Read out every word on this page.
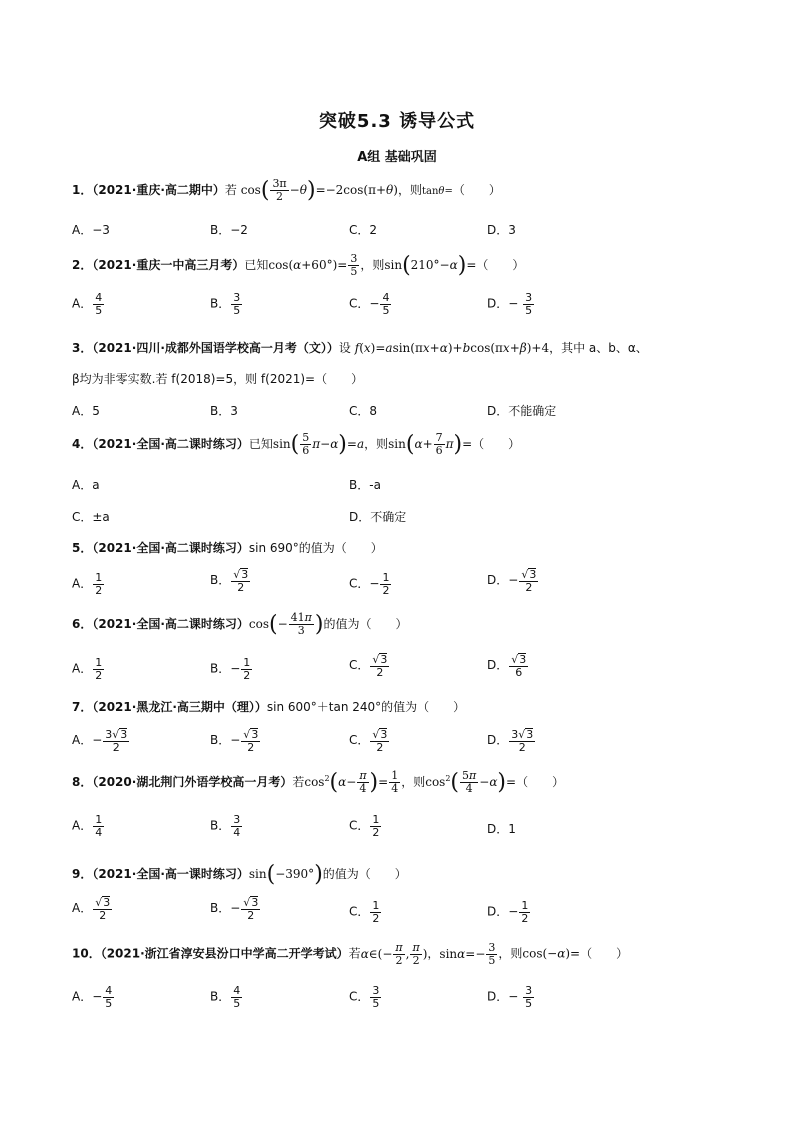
突破5.3 诱导公式
A组 基础巩固
1．（2021·重庆·高二期中）若 $\cos( \frac{3\pi}{2} -\theta)=-2\cos(\pi+\theta)$，则tanθ=（　　）
A．−3	B．−2	C．2	D．3
2．（2021·重庆一中高三月考）已知$\cos(\alpha+60^\circ)= \frac{3}{5}$ ，则sin(210°−α)=（　　）
A． $\frac{4}{5}$	B． $\frac{3}{5}$	C．− $\frac{4}{5}$	D．− $\frac{3}{5}$
3．（2021·四川·成都外国语学校高一月考（文））设 f(x)=asin(πx+α)+bcos(πx+β)+4，其中 a、b、α、
β均为非零实数.若 f(2018)=5，则 f(2021)=（　　）
A．5	B．3	C．8	D．不能确定
4．（2021·全国·高二课时练习）已知$\sin( \frac{5}{6} \pi-\alpha)=a$，则$\sin(\alpha+ \frac{7}{6} \pi)=$（　　）
A．a	B．-a
C．±a	D．不确定
5．（2021·全国·高二课时练习）sin 690°的值为（　　）
A． $\frac{1}{2}$	B． $\frac{√3}{2}$	C．− $\frac{1}{2}$	D．− $\frac{√3}{2}$
6．（2021·全国·高二课时练习）$\cos(- \frac{41\pi}{3}$ )的值为（　　）
A． $\frac{1}{2}$	B．− $\frac{1}{2}$	C． $\frac{√3}{2}$	D． $\frac{√3}{6}$
7．（2021·黑龙江·高三期中（理））sin 600°＋tan 240°的值为（　　）
A．− $\frac{3√3}{2}$	B．− $\frac{√3}{2}$	C． $\frac{√3}{2}$	D． $\frac{3√3}{2}$
8．（2020·湖北荆门外语学校高一月考）若$\cos^2(\alpha- \frac{\pi}{4}$ )= $\frac{1}{4}$ ，则$\cos^2( \frac{5\pi}{4} -\alpha)=$（　　）
A． $\frac{1}{4}$	B． $\frac{3}{4}$	C． $\frac{1}{2}$	D．1
9．（2021·全国·高一课时练习）sin(−390°)的值为（　　）
A． $\frac{√3}{2}$	B．− $\frac{√3}{2}$	C． $\frac{1}{2}$	D．− $\frac{1}{2}$
10．（2021·浙江省淳安县汾口中学高二开学考试）若α∈(− $\frac{\pi}{2}$ , $\frac{\pi}{2}$ )，$\sin\alpha=- \frac{3}{5}$ ，则cos(−α)=（　　）
A．− $\frac{4}{5}$	B． $\frac{4}{5}$	C． $\frac{3}{5}$	D．− $\frac{3}{5}$
